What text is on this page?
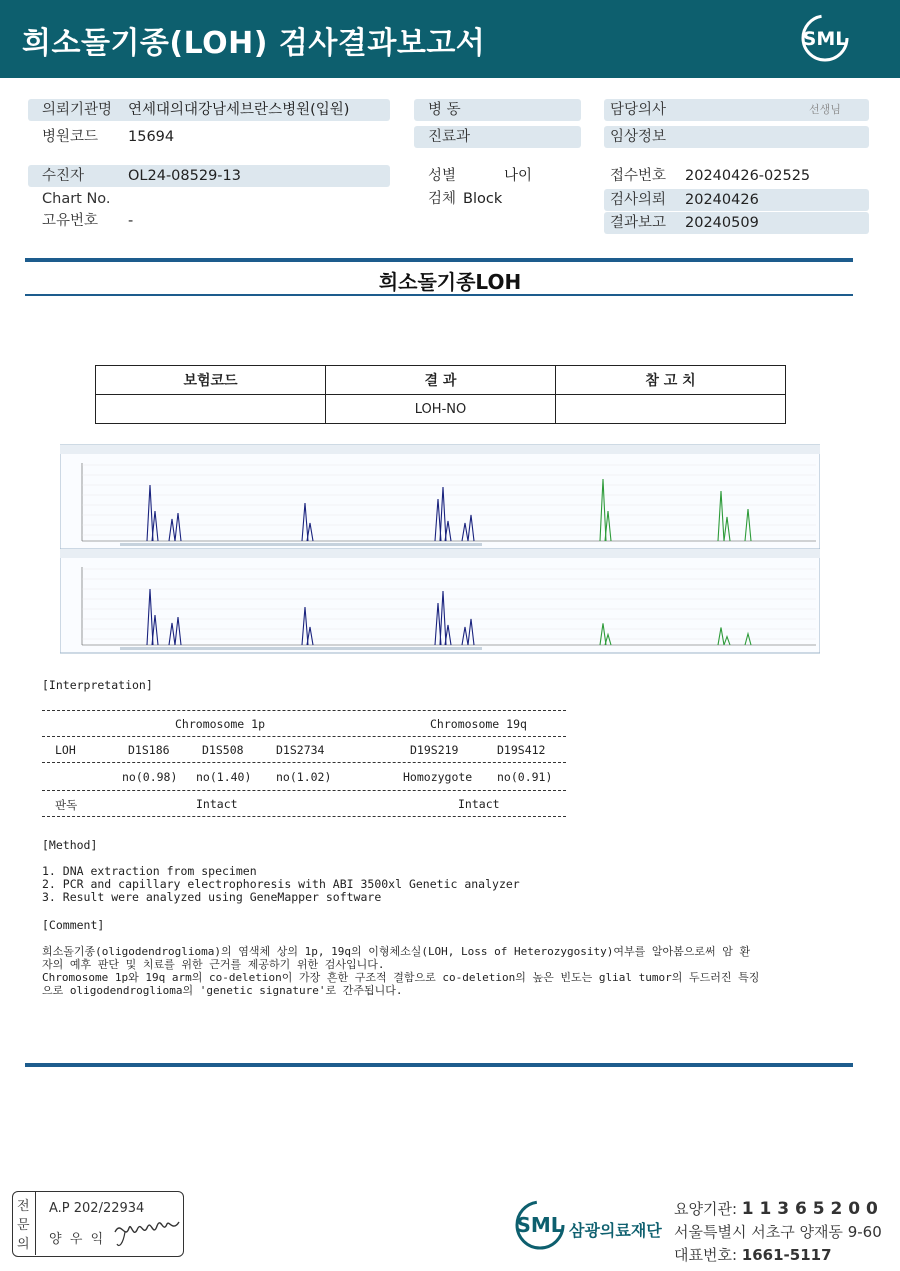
희소돌기종(LOH) 검사결과보고서	SML
의뢰기관명 연세대의대강남세브란스병원(입원)
병원코드 15694
병 동
진료과
담당의사	선생님
임상정보
수진자	OL24-08529-13
Chart No.
고유번호 -
성별	나이
검체 Block
접수번호 20240426-02525
검사의뢰 20240426
결과보고 20240509
희소돌기종LOH
보험코드	결 과	참 고 치
	LOH-NO	
[Interpretation]
Chromosome 1p	Chromosome 19q
LOH	D1S186	D1S508	D1S2734	D19S219	D19S412
no(0.98) no(1.40) no(1.02)	Homozygote no(0.91)
판독	Intact	Intact
[Method]
1. DNA extraction from specimen
2. PCR and capillary electrophoresis with ABI 3500xl Genetic analyzer
3. Result were analyzed using GeneMapper software
[Comment]
희소돌기종(oligodendroglioma)의 염색체 상의 1p, 19q의 이형체소실(LOH, Loss of Heterozygosity)여부를 알아봄으로써 암 환
자의 예후 판단 및 치료를 위한 근거를 제공하기 위한 검사입니다.
Chromosome 1p와 19q arm의 co-deletion이 가장 흔한 구조적 결함으로 co-deletion의 높은 빈도는 glial tumor의 두드러진 특징
으로 oligodendroglioma의 'genetic signature'로 간주됩니다.
전
문
의
A.P 202/22934
양  우  익
SML 삼광의료재단
요양기관: 1 1 3 6 5 2 0 0
서울특별시 서초구 양재동 9-60
대표번호: 1661-5117
